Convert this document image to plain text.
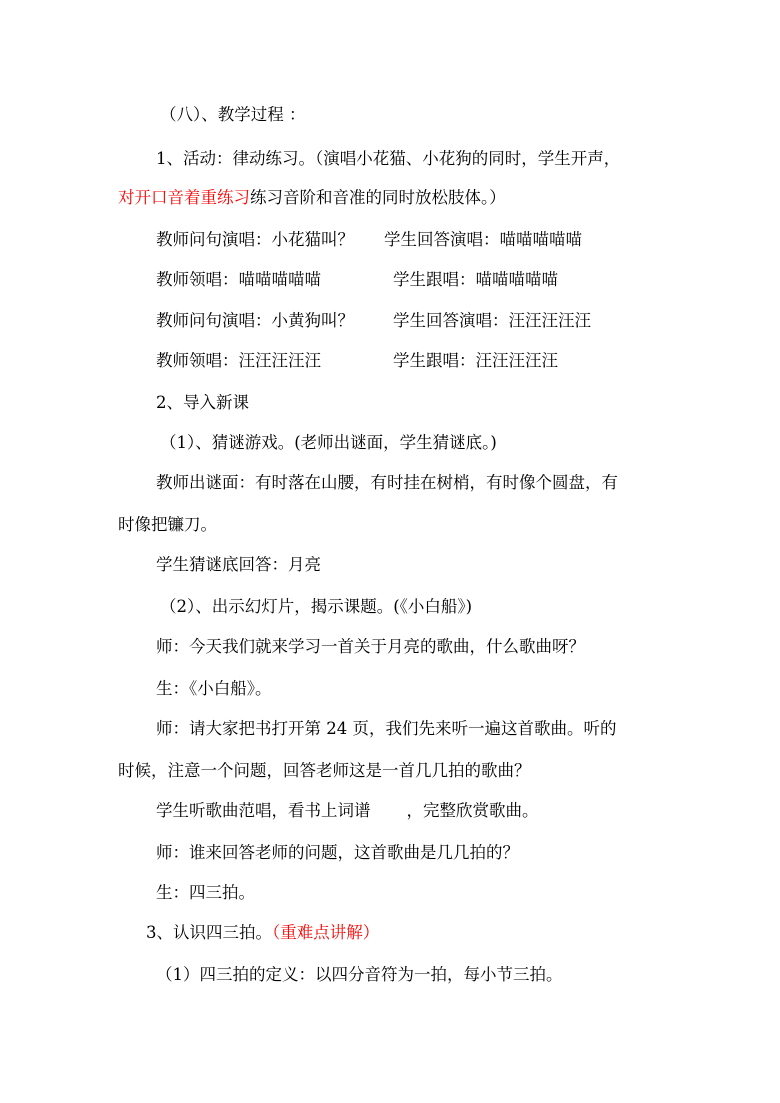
（八）、教学过程 ：
1、活动：律动练习。（演唱小花猫、小花狗的同时，学生开声，
对开口音着重练习练习音阶和音准的同时放松肢体。）
教师问句演唱：小花猫叫？ 学生回答演唱：喵喵喵喵喵
教师领唱：喵喵喵喵喵	学生跟唱：喵喵喵喵喵
教师问句演唱：小黄狗叫？ 学生回答演唱：汪汪汪汪汪
教师领唱：汪汪汪汪汪	学生跟唱：汪汪汪汪汪
2、导入新课
（1）、猜谜游戏。(老师出谜面，学生猜谜底。)
教师出谜面：有时落在山腰，有时挂在树梢，有时像个圆盘，有
时像把镰刀。
学生猜谜底回答：月亮
（2）、出示幻灯片，揭示课题。(《小白船》)
师：今天我们就来学习一首关于月亮的歌曲，什么歌曲呀？
生：《小白船》。
师：请大家把书打开第 24 页，我们先来听一遍这首歌曲。听的
时候，注意一个问题，回答老师这是一首几几拍的歌曲？
学生听歌曲范唱，看书上词谱 ，完整欣赏歌曲。
师：谁来回答老师的问题，这首歌曲是几几拍的？
生：四三拍。
3、认识四三拍。（重难点讲解）
（1）四三拍的定义：以四分音符为一拍，每小节三拍。
